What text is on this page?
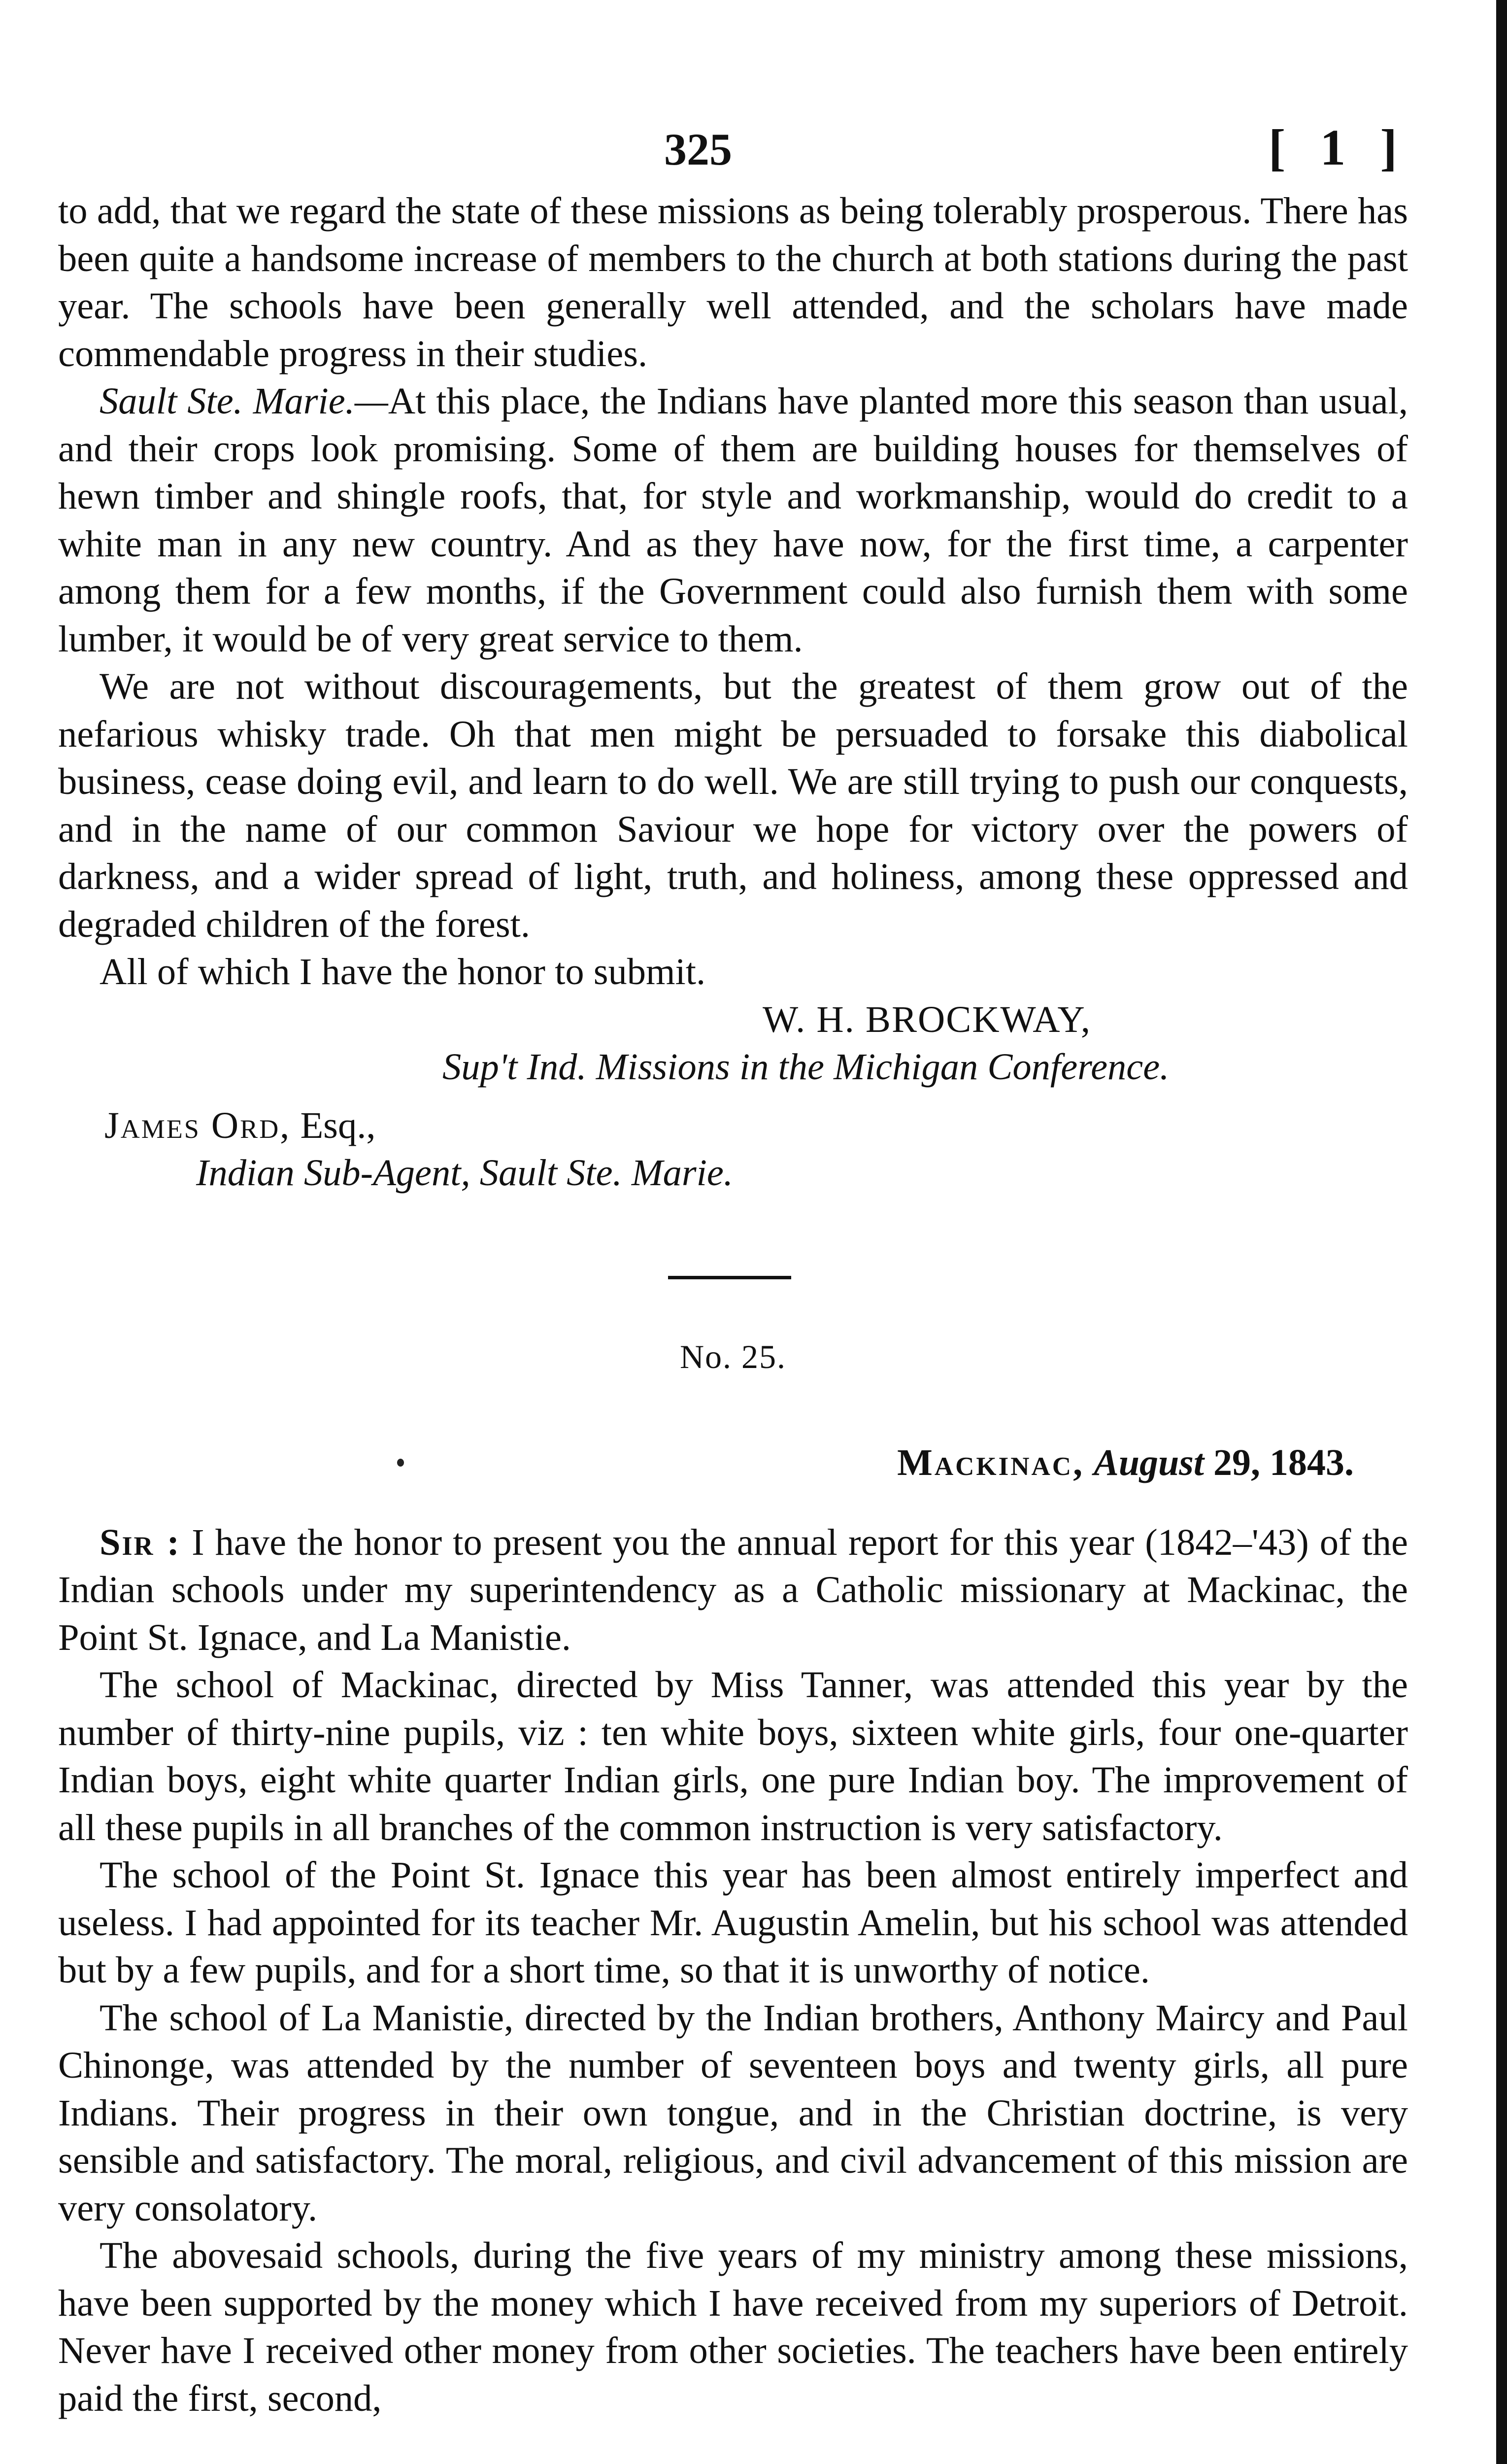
325	[ 1 ]

to add, that we regard the state of these missions as being tolerably prosperous. There has been quite a handsome increase of members to the church at both stations during the past year. The schools have been generally well attended, and the scholars have made commendable progress in their studies.

Sault Ste. Marie.—At this place, the Indians have planted more this season than usual, and their crops look promising. Some of them are building houses for themselves of hewn timber and shingle roofs, that, for style and workmanship, would do credit to a white man in any new country. And as they have now, for the first time, a carpenter among them for a few months, if the Government could also furnish them with some lumber, it would be of very great service to them.

We are not without discouragements, but the greatest of them grow out of the nefarious whisky trade. Oh that men might be persuaded to forsake this diabolical business, cease doing evil, and learn to do well. We are still trying to push our conquests, and in the name of our common Saviour we hope for victory over the powers of darkness, and a wider spread of light, truth, and holiness, among these oppressed and degraded children of the forest.

All of which I have the honor to submit.

W. H. BROCKWAY,
Sup't Ind. Missions in the Michigan Conference.
James Ord, Esq.,
Indian Sub-Agent, Sault Ste. Marie.
No. 25.
Mackinac, August 29, 1843.

Sir : I have the honor to present you the annual report for this year (1842–'43) of the Indian schools under my superintendency as a Catholic missionary at Mackinac, the Point St. Ignace, and La Manistie.

The school of Mackinac, directed by Miss Tanner, was attended this year by the number of thirty-nine pupils, viz : ten white boys, sixteen white girls, four one-quarter Indian boys, eight white quarter Indian girls, one pure Indian boy. The improvement of all these pupils in all branches of the common instruction is very satisfactory.

The school of the Point St. Ignace this year has been almost entirely imperfect and useless. I had appointed for its teacher Mr. Augustin Amelin, but his school was attended but by a few pupils, and for a short time, so that it is unworthy of notice.

The school of La Manistie, directed by the Indian brothers, Anthony Maircy and Paul Chinonge, was attended by the number of seventeen boys and twenty girls, all pure Indians. Their progress in their own tongue, and in the Christian doctrine, is very sensible and satisfactory. The moral, religious, and civil advancement of this mission are very consolatory.

The abovesaid schools, during the five years of my ministry among these missions, have been supported by the money which I have received from my superiors of Detroit. Never have I received other money from other societies. The teachers have been entirely paid the first, second,
